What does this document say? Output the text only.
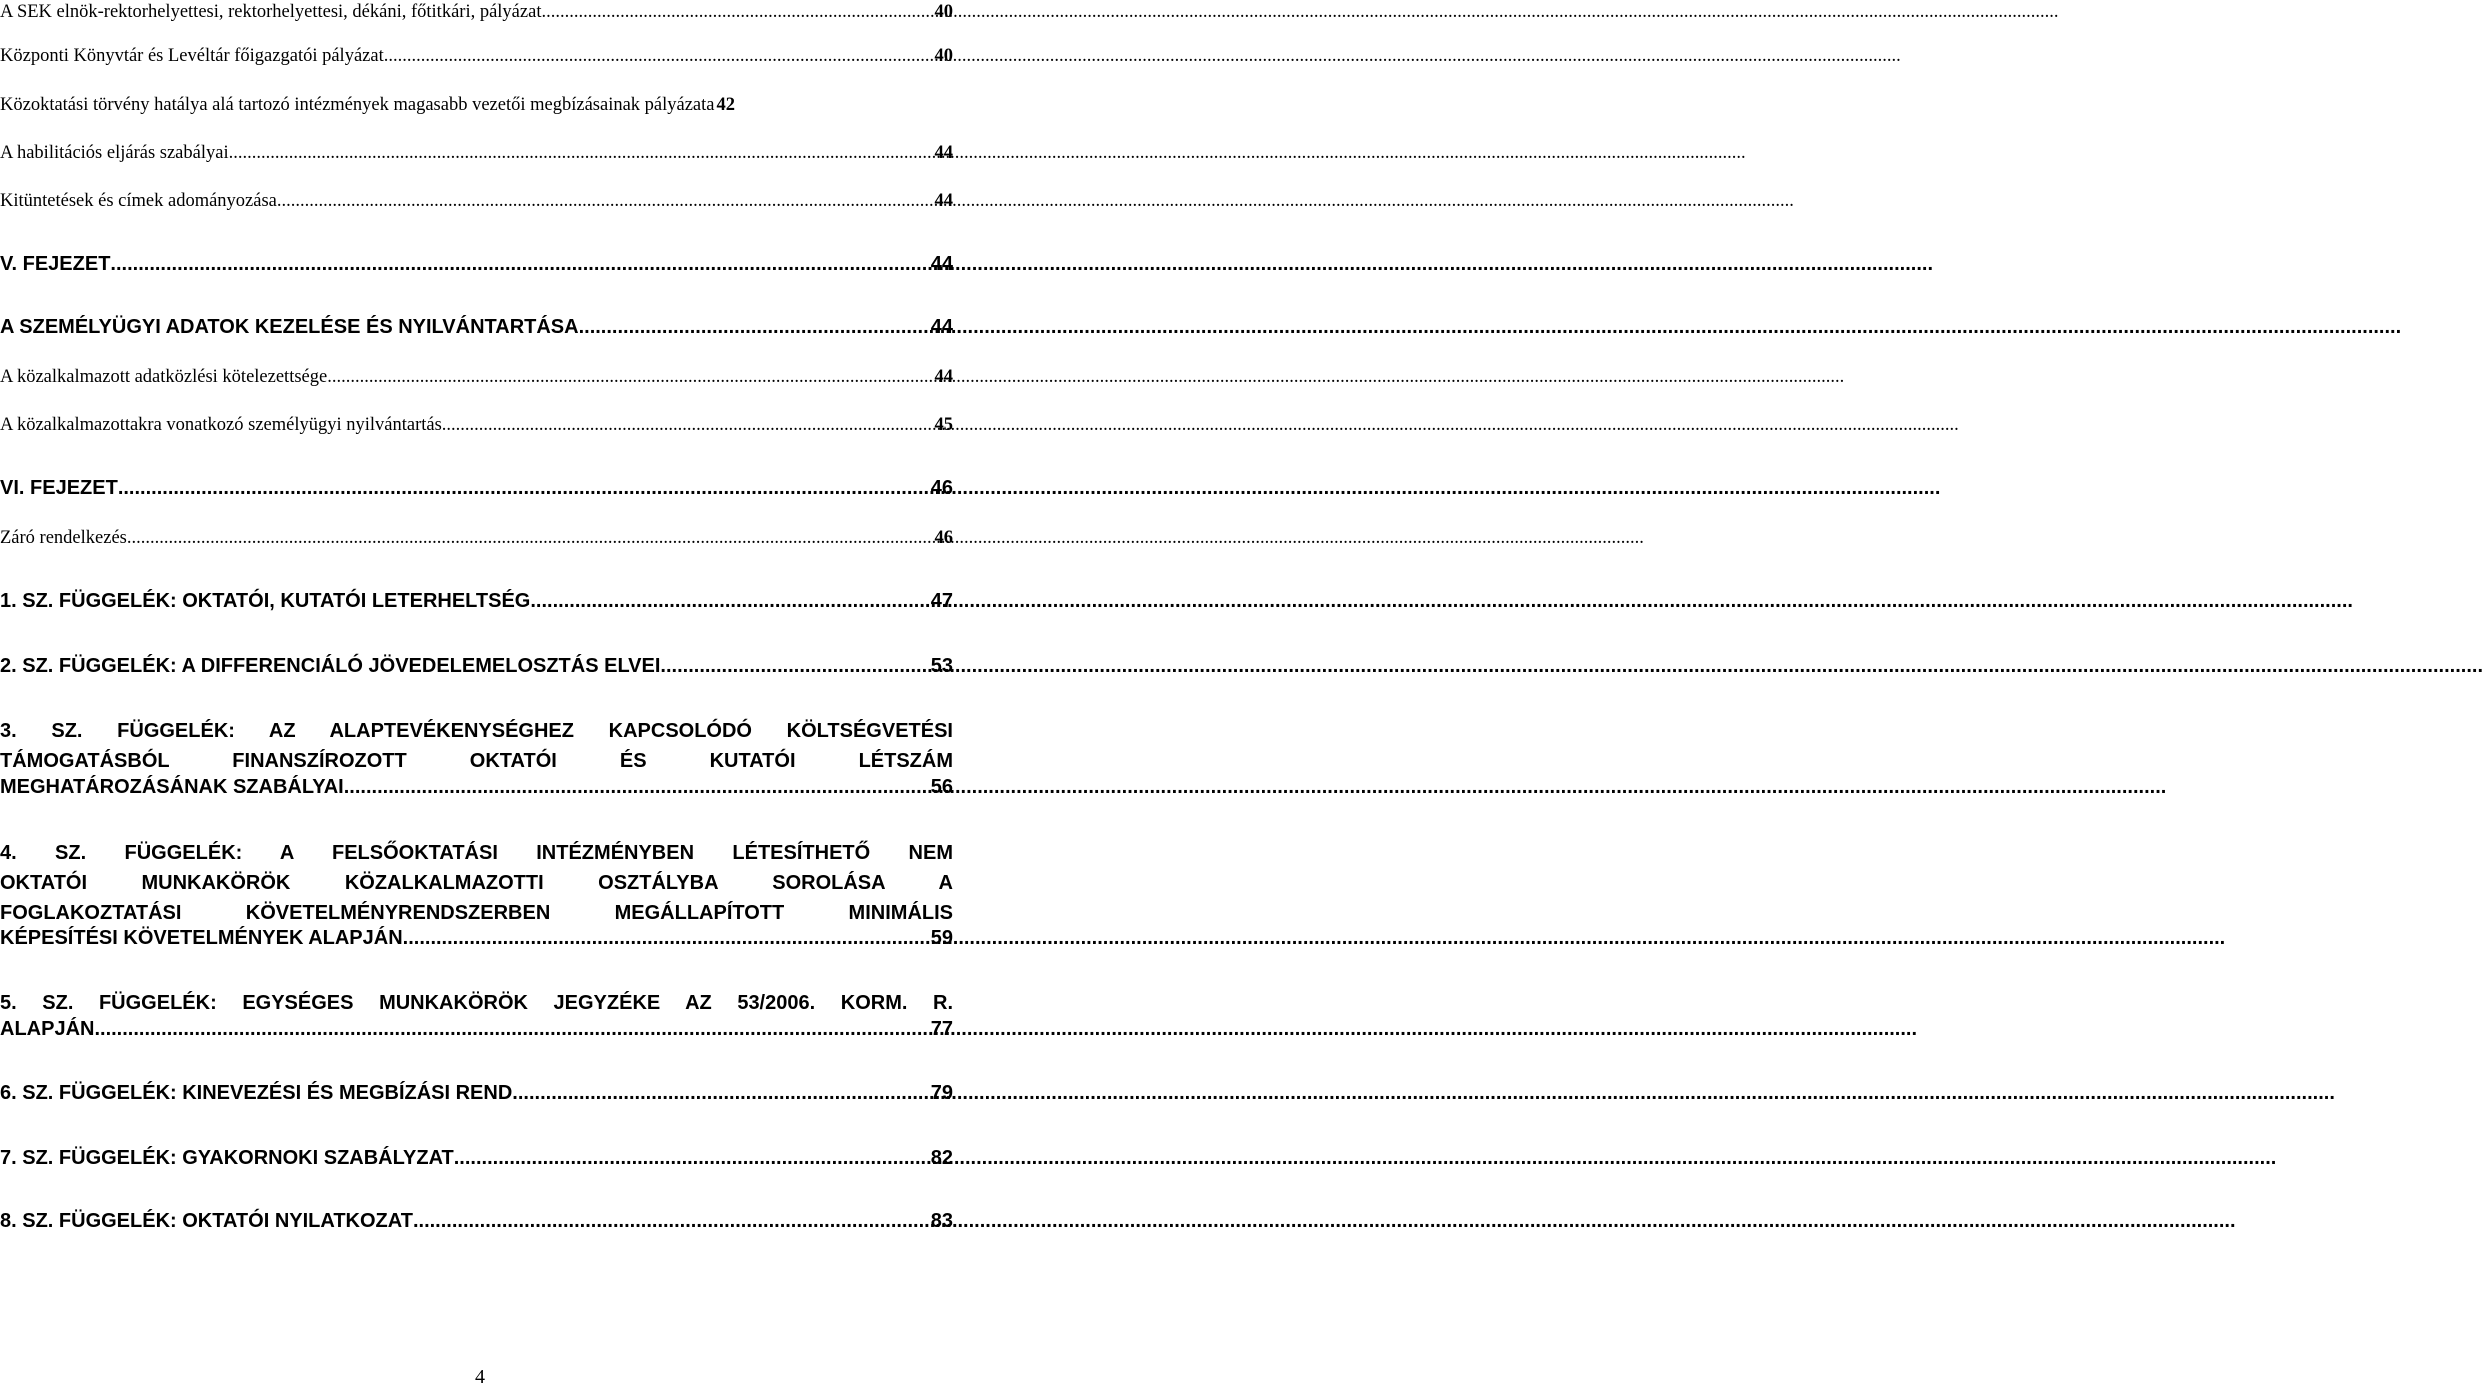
A SEK elnök-rektorhelyettesi, rektorhelyettesi, dékáni, főtitkári, pályázat .....	40
Központi Könyvtár és Levéltár főigazgatói pályázat .....	40
Közoktatási törvény hatálya alá tartozó intézmények magasabb vezetői megbízásainak pályázata 42
A habilitációs eljárás szabályai .....	44
Kitüntetések és címek adományozása .....	44
V. FEJEZET .....	44
A SZEMÉLYÜGYI ADATOK KEZELÉSE ÉS NYILVÁNTARTÁSA .....	44
A közalkalmazott adatközlési kötelezettsége .....	44
A közalkalmazottakra vonatkozó személyügyi nyilvántartás .....	45
VI. FEJEZET .....	46
Záró rendelkezés .....	46
1. SZ. FÜGGELÉK: OKTATÓI, KUTATÓI LETERHELTSÉG .....	47
2. SZ. FÜGGELÉK: A DIFFERENCIÁLÓ JÖVEDELEMELOSZTÁS ELVEI .....	53
3. SZ. FÜGGELÉK: AZ ALAPTEVÉKENYSÉGHEZ KAPCSOLÓDÓ KÖLTSÉGVETÉSI
TÁMOGATÁSBÓL FINANSZÍROZOTT OKTATÓI ÉS KUTATÓI LÉTSZÁM
MEGHATÁROZÁSÁNAK SZABÁLYAI .....	56
4. SZ. FÜGGELÉK: A FELSŐOKTATÁSI INTÉZMÉNYBEN LÉTESÍTHETŐ NEM
OKTATÓI MUNKAKÖRÖK KÖZALKALMAZOTTI OSZTÁLYBA SOROLÁSA A
FOGLAKOZTATÁSI KÖVETELMÉNYRENDSZERBEN MEGÁLLAPÍTOTT MINIMÁLIS
KÉPESÍTÉSI KÖVETELMÉNYEK ALAPJÁN .....	59
5. SZ. FÜGGELÉK: EGYSÉGES MUNKAKÖRÖK JEGYZÉKE AZ 53/2006. KORM. R.
ALAPJÁN .....	77
6. SZ. FÜGGELÉK: KINEVEZÉSI ÉS MEGBÍZÁSI REND .....	79
7. SZ. FÜGGELÉK: GYAKORNOKI SZABÁLYZAT .....	82
8. SZ. FÜGGELÉK: OKTATÓI NYILATKOZAT .....	83
4
